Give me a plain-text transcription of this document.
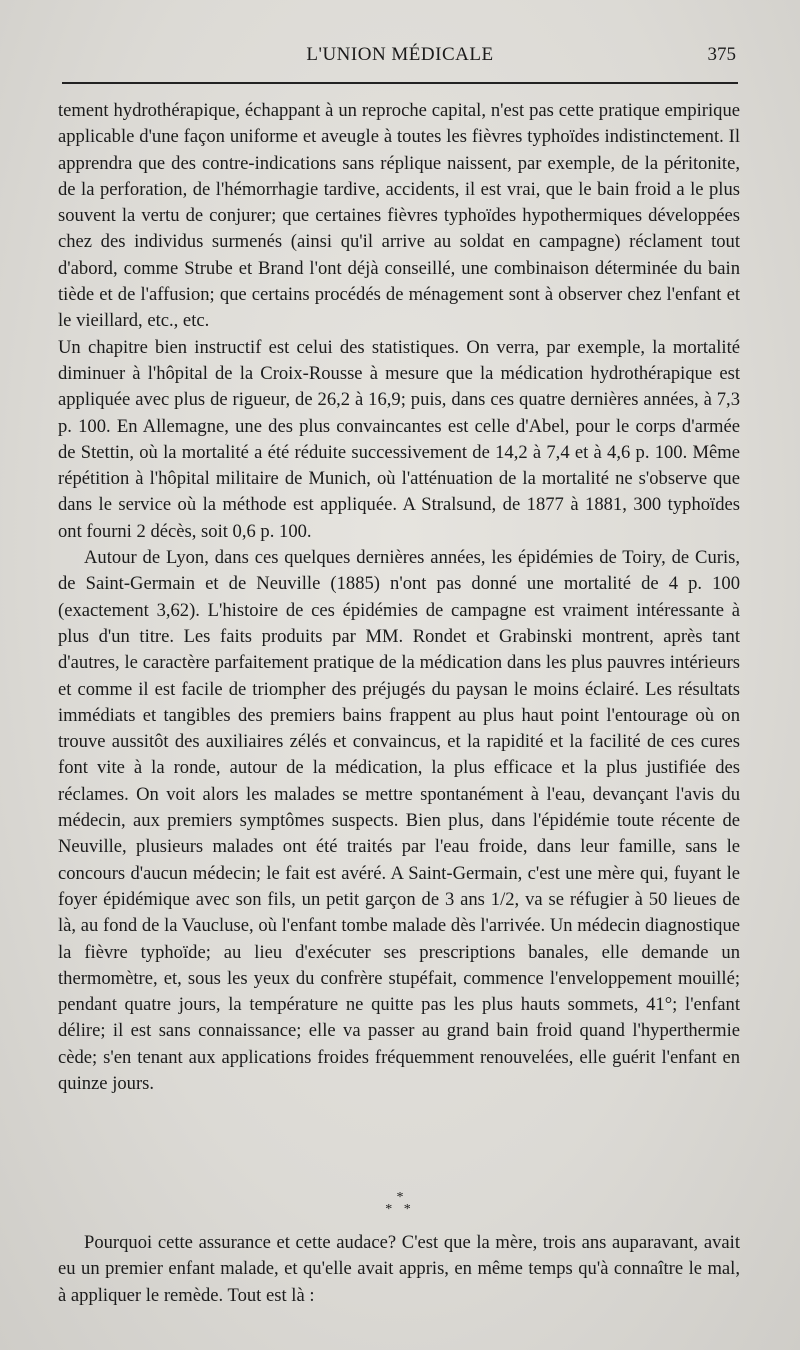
L'UNION MÉDICALE	375

tement hydrothérapique, échappant à un reproche capital, n'est pas cette pratique empirique applicable d'une façon uniforme et aveugle à toutes les fièvres typhoïdes indistinctement. Il apprendra que des contre-indications sans réplique naissent, par exemple, de la péritonite, de la perforation, de l'hémorrhagie tardive, accidents, il est vrai, que le bain froid a le plus souvent la vertu de conjurer; que certaines fièvres typhoïdes hypothermiques développées chez des individus surmenés (ainsi qu'il arrive au soldat en campagne) réclament tout d'abord, comme Strube et Brand l'ont déjà conseillé, une combinaison déterminée du bain tiède et de l'affusion; que certains procédés de ménagement sont à observer chez l'enfant et le vieillard, etc., etc.

Un chapitre bien instructif est celui des statistiques. On verra, par exemple, la mortalité diminuer à l'hôpital de la Croix-Rousse à mesure que la médication hydrothérapique est appliquée avec plus de rigueur, de 26,2 à 16,9; puis, dans ces quatre dernières années, à 7,3 p. 100. En Allemagne, une des plus convaincantes est celle d'Abel, pour le corps d'armée de Stettin, où la mortalité a été réduite successivement de 14,2 à 7,4 et à 4,6 p. 100. Même répétition à l'hôpital militaire de Munich, où l'atténuation de la mortalité ne s'observe que dans le service où la méthode est appliquée. A Stralsund, de 1877 à 1881, 300 typhoïdes ont fourni 2 décès, soit 0,6 p. 100.

Autour de Lyon, dans ces quelques dernières années, les épidémies de Toiry, de Curis, de Saint-Germain et de Neuville (1885) n'ont pas donné une mortalité de 4 p. 100 (exactement 3,62). L'histoire de ces épidémies de campagne est vraiment intéressante à plus d'un titre. Les faits produits par MM. Rondet et Grabinski montrent, après tant d'autres, le caractère parfaitement pratique de la médication dans les plus pauvres intérieurs et comme il est facile de triompher des préjugés du paysan le moins éclairé. Les résultats immédiats et tangibles des premiers bains frappent au plus haut point l'entourage où on trouve aussitôt des auxiliaires zélés et convaincus, et la rapidité et la facilité de ces cures font vite à la ronde, autour de la médication, la plus efficace et la plus justifiée des réclames. On voit alors les malades se mettre spontanément à l'eau, devançant l'avis du médecin, aux premiers symptômes suspects. Bien plus, dans l'épidémie toute récente de Neuville, plusieurs malades ont été traités par l'eau froide, dans leur famille, sans le concours d'aucun médecin; le fait est avéré. A Saint-Germain, c'est une mère qui, fuyant le foyer épidémique avec son fils, un petit garçon de 3 ans 1/2, va se réfugier à 50 lieues de là, au fond de la Vaucluse, où l'enfant tombe malade dès l'arrivée. Un médecin diagnostique la fièvre typhoïde; au lieu d'exécuter ses prescriptions banales, elle demande un thermomètre, et, sous les yeux du confrère stupéfait, commence l'enveloppement mouillé; pendant quatre jours, la température ne quitte pas les plus hauts sommets, 41°; l'enfant délire; il est sans connaissance; elle va passer au grand bain froid quand l'hyperthermie cède; s'en tenant aux applications froides fréquemment renouvelées, elle guérit l'enfant en quinze jours.

*
* *

Pourquoi cette assurance et cette audace? C'est que la mère, trois ans auparavant, avait eu un premier enfant malade, et qu'elle avait appris, en même temps qu'à connaître le mal, à appliquer le remède. Tout est là :
